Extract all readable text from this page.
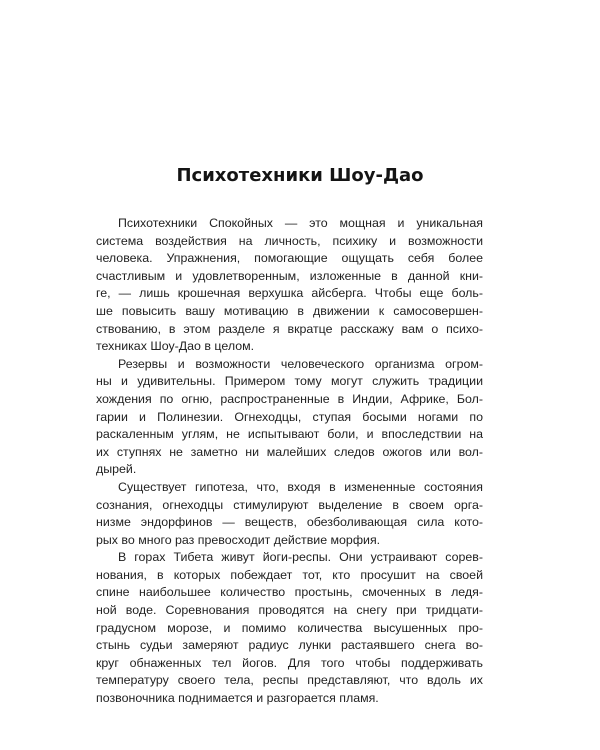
Психотехники Шоу-Дао
Психотехники Спокойных — это мощная и уникальная
система воздействия на личность, психику и возможности
человека. Упражнения, помогающие ощущать себя более
счастливым и удовлетворенным, изложенные в данной кни-
ге, — лишь крошечная верхушка айсберга. Чтобы еще боль-
ше повысить вашу мотивацию в движении к самосовершен-
ствованию, в этом разделе я вкратце расскажу вам о психо-
техниках Шоу-Дао в целом.
Резервы и возможности человеческого организма огром-
ны и удивительны. Примером тому могут служить традиции
хождения по огню, распространенные в Индии, Африке, Бол-
гарии и Полинезии. Огнеходцы, ступая босыми ногами по
раскаленным углям, не испытывают боли, и впоследствии на
их ступнях не заметно ни малейших следов ожогов или вол-
дырей.
Существует гипотеза, что, входя в измененные состояния
сознания, огнеходцы стимулируют выделение в своем орга-
низме эндорфинов — веществ, обезболивающая сила кото-
рых во много раз превосходит действие морфия.
В горах Тибета живут йоги-респы. Они устраивают сорев-
нования, в которых побеждает тот, кто просушит на своей
спине наибольшее количество простынь, смоченных в ледя-
ной воде. Соревнования проводятся на снегу при тридцати-
градусном морозе, и помимо количества высушенных про-
стынь судьи замеряют радиус лунки растаявшего снега во-
круг обнаженных тел йогов. Для того чтобы поддерживать
температуру своего тела, респы представляют, что вдоль их
позвоночника поднимается и разгорается пламя.
